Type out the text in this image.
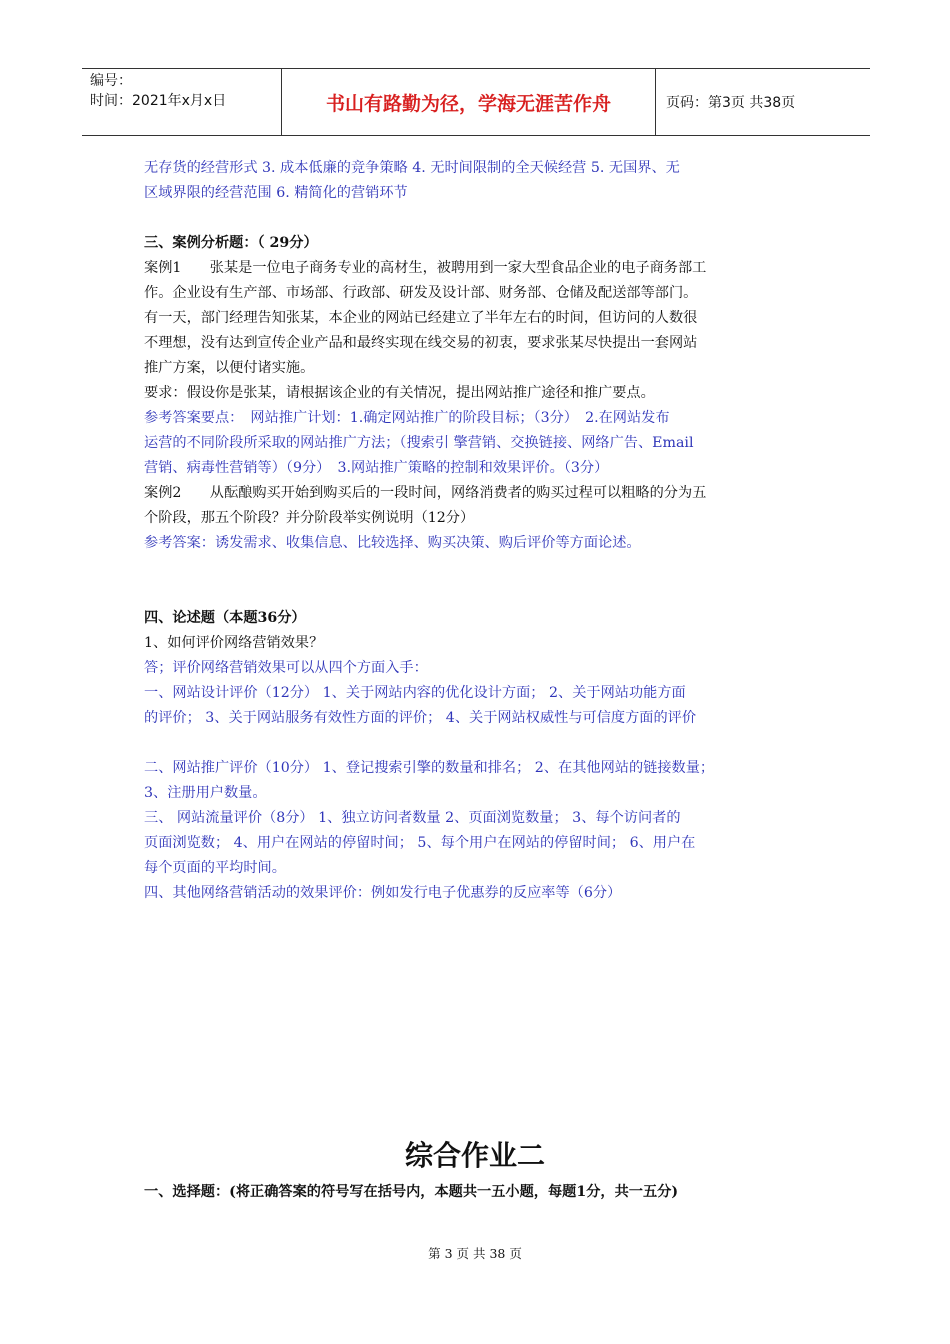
编号：
时间：2021年x月x日	书山有路勤为径，学海无涯苦作舟	页码：第3页 共38页

无存货的经营形式 3. 成本低廉的竞争策略 4. 无时间限制的全天候经营 5. 无国界、无

区域界限的经营范围 6. 精简化的营销环节

三、案例分析题：（ 29分）

案例1　　张某是一位电子商务专业的高材生，被聘用到一家大型食品企业的电子商务部工

作。企业设有生产部、市场部、行政部、研发及设计部、财务部、仓储及配送部等部门。

有一天，部门经理告知张某，本企业的网站已经建立了半年左右的时间，但访问的人数很

不理想，没有达到宣传企业产品和最终实现在线交易的初衷，要求张某尽快提出一套网站

推广方案，以便付诸实施。

要求：假设你是张某，请根据该企业的有关情况，提出网站推广途径和推广要点。

参考答案要点：　网站推广计划：1.确定网站推广的阶段目标；（3分）　2.在网站发布

运营的不同阶段所采取的网站推广方法；（搜索引 擎营销、交换链接、网络广告、Email

营销、病毒性营销等）（9分）　3.网站推广策略的控制和效果评价。（3分）

案例2　　从酝酿购买开始到购买后的一段时间，网络消费者的购买过程可以粗略的分为五

个阶段，那五个阶段？并分阶段举实例说明（12分）

参考答案：诱发需求、收集信息、比较选择、购买决策、购后评价等方面论述。

四、论述题（本题36分）

1、如何评价网络营销效果？

答；评价网络营销效果可以从四个方面入手：

一、网站设计评价（12分） 1、关于网站内容的优化设计方面； 2、关于网站功能方面

的评价； 3、关于网站服务有效性方面的评价； 4、关于网站权威性与可信度方面的评价

二、网站推广评价（10分） 1、登记搜索引擎的数量和排名； 2、在其他网站的链接数量；

3、注册用户数量。

三、 网站流量评价（8分） 1、独立访问者数量 2、页面浏览数量； 3、每个访问者的

页面浏览数； 4、用户在网站的停留时间； 5、每个用户在网站的停留时间； 6、用户在

每个页面的平均时间。

四、其他网络营销活动的效果评价：例如发行电子优惠券的反应率等（6分）

综合作业二
一、选择题：(将正确答案的符号写在括号内，本题共一五小题，每题1分，共一五分)
第 3 页 共 38 页
